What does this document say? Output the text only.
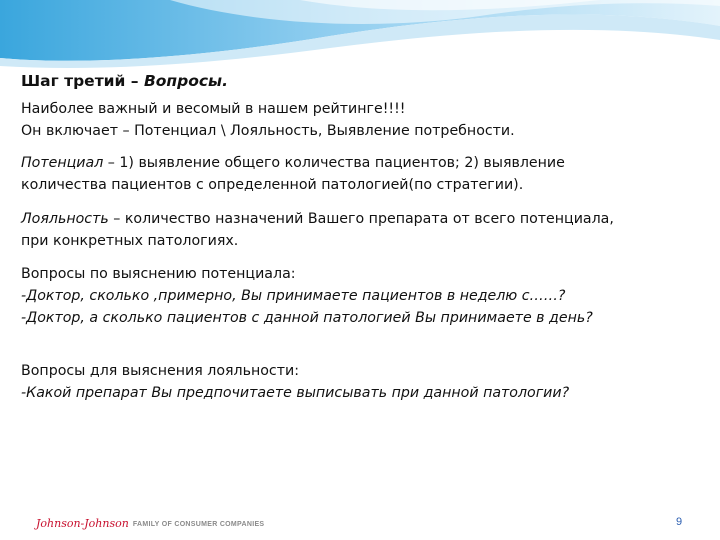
Шаг третий – Вопросы.

Наиболее важный и весомый в нашем рейтинге!!!!
Он включает – Потенциал \ Лояльность, Выявление потребности.

Потенциал – 1) выявление общего количества пациентов; 2) выявление
количества пациентов с определенной патологией(по стратегии).

Лояльность – количество назначений Вашего препарата от всего потенциала,
при конкретных патологиях.

Вопросы по выяснению потенциала:
-Доктор, сколько ,примерно, Вы принимаете пациентов в неделю с……?
-Доктор, а сколько пациентов с данной патологией Вы принимаете в день?

Вопросы для выяснения лояльности:
-Какой препарат Вы предпочитаете выписывать при данной патологии?

Johnson-Johnson FAMILY OF CONSUMER COMPANIES	9
